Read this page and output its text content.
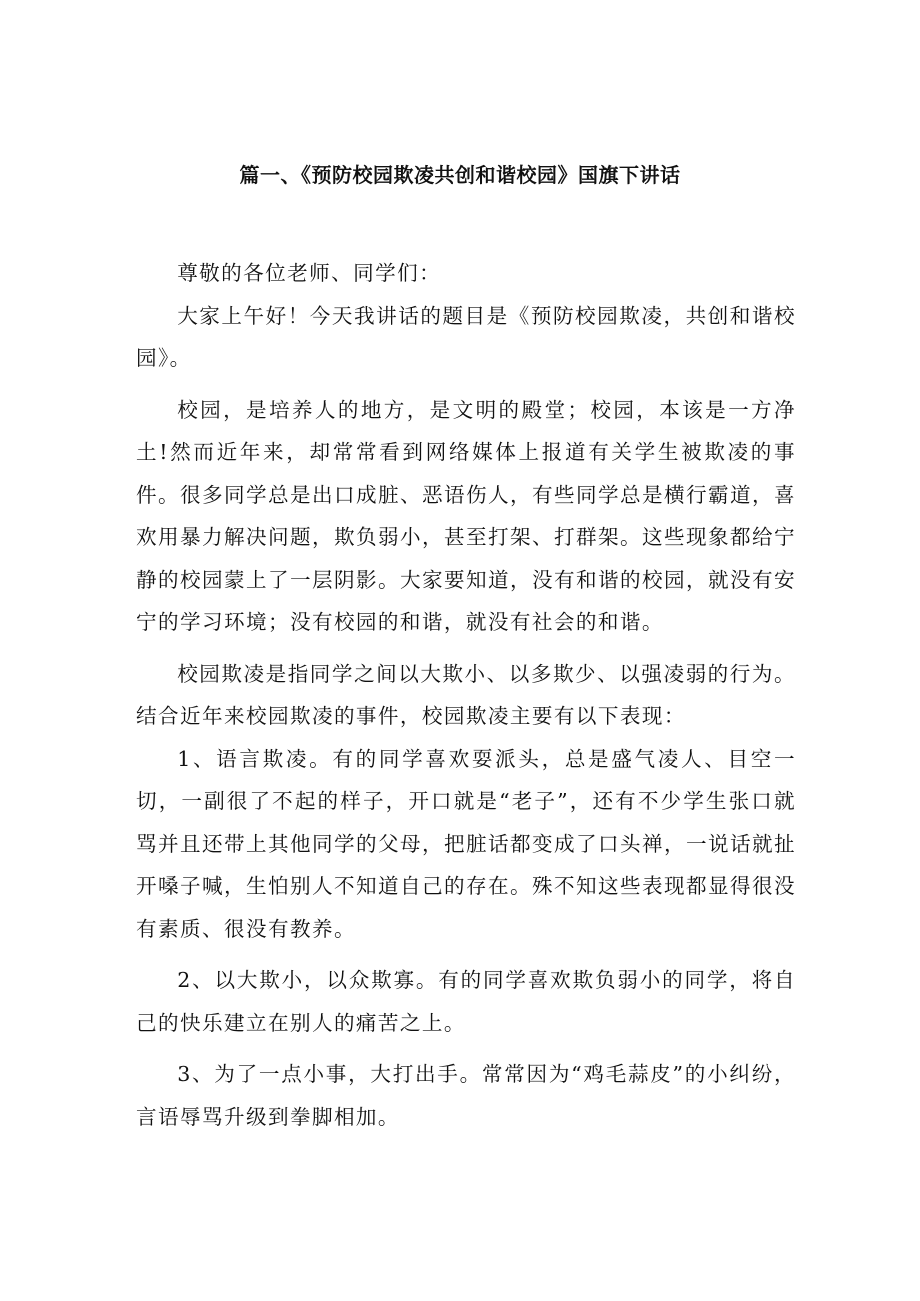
篇一、《预防校园欺凌共创和谐校园》国旗下讲话

尊敬的各位老师、同学们：

大家上午好！今天我讲话的题目是《预防校园欺凌，共创和谐校园》。

校园，是培养人的地方，是文明的殿堂；校园，本该是一方净土!然而近年来，却常常看到网络媒体上报道有关学生被欺凌的事件。很多同学总是出口成脏、恶语伤人，有些同学总是横行霸道，喜欢用暴力解决问题，欺负弱小，甚至打架、打群架。这些现象都给宁静的校园蒙上了一层阴影。大家要知道，没有和谐的校园，就没有安宁的学习环境；没有校园的和谐，就没有社会的和谐。

校园欺凌是指同学之间以大欺小、以多欺少、以强凌弱的行为。结合近年来校园欺凌的事件，校园欺凌主要有以下表现：

1、语言欺凌。有的同学喜欢耍派头，总是盛气凌人、目空一切，一副很了不起的样子，开口就是“老子”，还有不少学生张口就骂并且还带上其他同学的父母，把脏话都变成了口头禅，一说话就扯开嗓子喊，生怕别人不知道自己的存在。殊不知这些表现都显得很没有素质、很没有教养。

2、以大欺小，以众欺寡。有的同学喜欢欺负弱小的同学，将自己的快乐建立在别人的痛苦之上。

3、为了一点小事，大打出手。常常因为“鸡毛蒜皮”的小纠纷，言语辱骂升级到拳脚相加。
